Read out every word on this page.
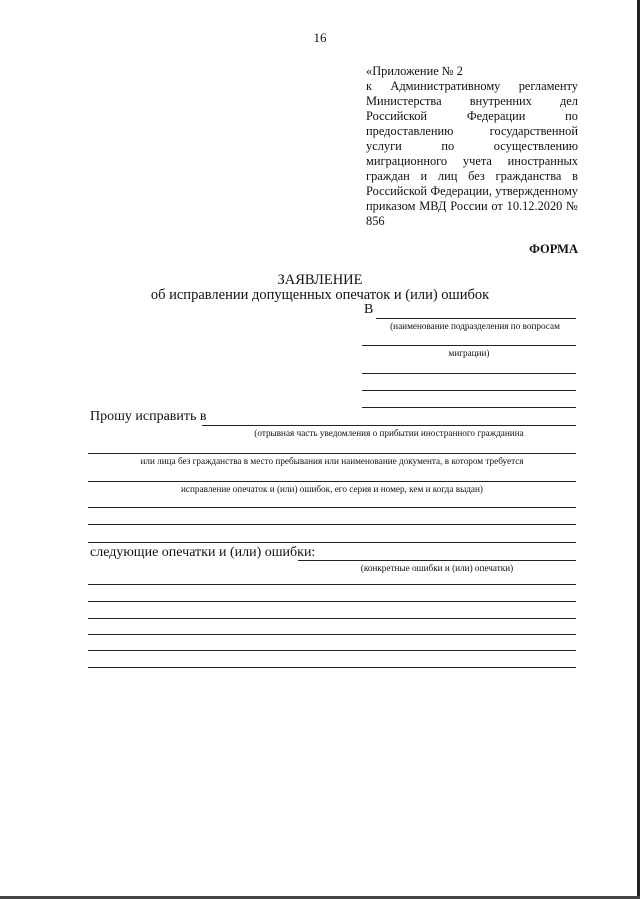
16
«Приложение № 2
к Административному регламенту Министерства внутренних дел Российской Федерации по предоставлению государственной услуги по осуществлению миграционного учета иностранных граждан и лиц без гражданства в Российской Федерации, утвержденному приказом МВД России от 10.12.2020 № 856
ФОРМА
ЗАЯВЛЕНИЕ
об исправлении допущенных опечаток и (или) ошибок
В
(наименование подразделения по вопросам
миграции)
Прошу исправить в
(отрывная часть уведомления о прибытии иностранного гражданина
или лица без гражданства в место пребывания или наименование документа, в котором требуется
исправление опечаток и (или) ошибок, его серия и номер, кем и когда выдан)
следующие опечатки и (или) ошибки:
(конкретные ошибки и (или) опечатки)
